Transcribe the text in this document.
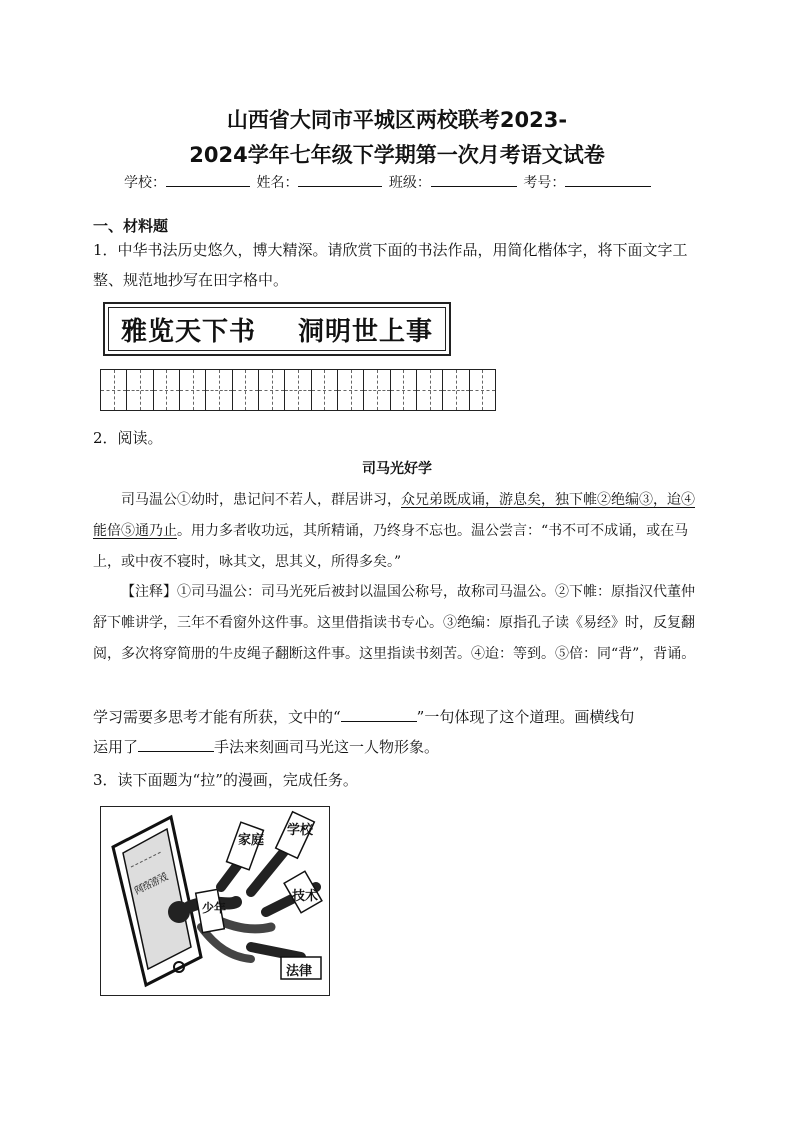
山西省大同市平城区两校联考2023-
2024学年七年级下学期第一次月考语文试卷
学校：	姓名：	班级：	考号：
一、材料题
1．中华书法历史悠久，博大精深。请欣赏下面的书法作品，用简化楷体字，将下面文字工整、规范地抄写在田字格中。
雅览天下书 洞明世上事
2．阅读。
司马光好学
司马温公①幼时，患记问不若人，群居讲习，众兄弟既成诵，游息矣，独下帷②绝编③，迨④能倍⑤通乃止。用力多者收功远，其所精诵，乃终身不忘也。温公尝言：“书不可不成诵，或在马上，或中夜不寝时，咏其文，思其义，所得多矣。”
【注释】①司马温公：司马光死后被封以温国公称号，故称司马温公。②下帷：原指汉代董仲舒下帷讲学，三年不看窗外这件事。这里借指读书专心。③绝编：原指孔子读《易经》时，反复翻阅，多次将穿简册的牛皮绳子翻断这件事。这里指读书刻苦。④迨：等到。⑤倍：同“背”，背诵。
学习需要多思考才能有所获，文中的“	”一句体现了这个道理。画横线句
运用了	手法来刻画司马光这一人物形象。
3．读下面题为“拉”的漫画，完成任务。
家庭
学校
技术
少年
法律
网络游戏
